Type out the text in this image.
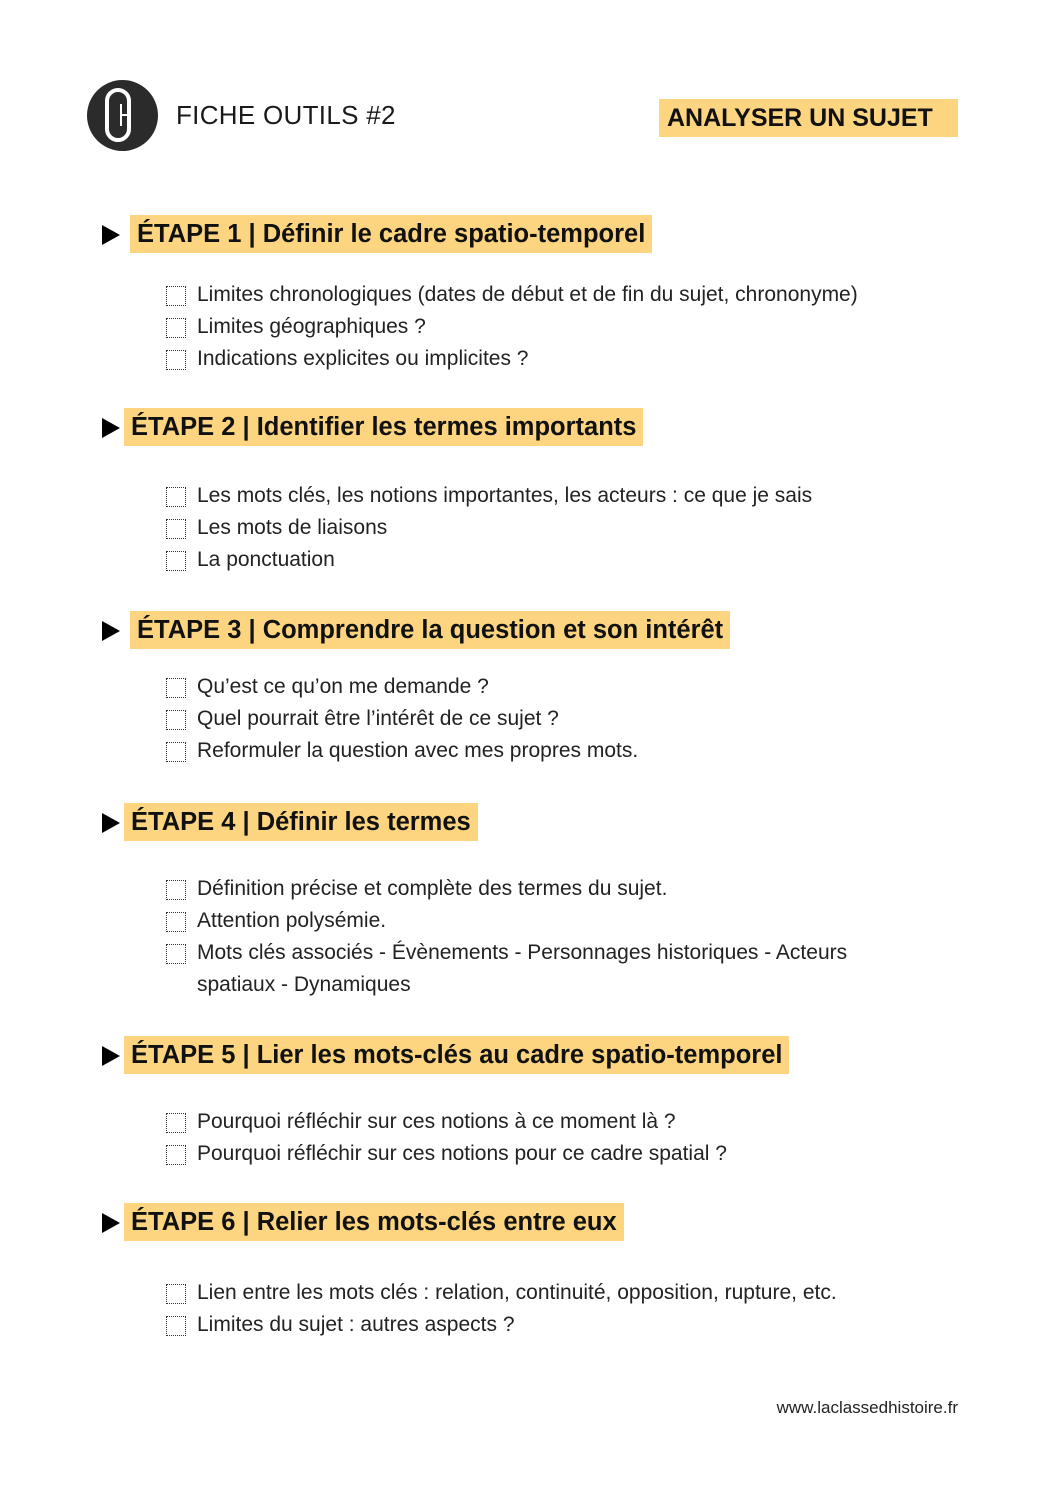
FICHE OUTILS #2	ANALYSER UN SUJET
ÉTAPE 1 | Définir le cadre spatio-temporel
Limites chronologiques (dates de début et de fin du sujet, chrononyme)
Limites géographiques ?
Indications explicites ou implicites ?
ÉTAPE 2 | Identifier les termes importants
Les mots clés, les notions importantes, les acteurs : ce que je sais
Les mots de liaisons
La ponctuation
ÉTAPE 3 | Comprendre la question et son intérêt
Qu’est ce qu’on me demande ?
Quel pourrait être l’intérêt de ce sujet ?
Reformuler la question avec mes propres mots.
ÉTAPE 4 | Définir les termes
Définition précise et complète des termes du sujet.
Attention polysémie.
Mots clés associés - Évènements - Personnages historiques - Acteurs
spatiaux - Dynamiques
ÉTAPE 5 | Lier les mots-clés au cadre spatio-temporel
Pourquoi réfléchir sur ces notions à ce moment là ?
Pourquoi réfléchir sur ces notions pour ce cadre spatial ?
ÉTAPE 6 | Relier les mots-clés entre eux
Lien entre les mots clés : relation, continuité, opposition, rupture, etc.
Limites du sujet : autres aspects ?
www.laclassedhistoire.fr
